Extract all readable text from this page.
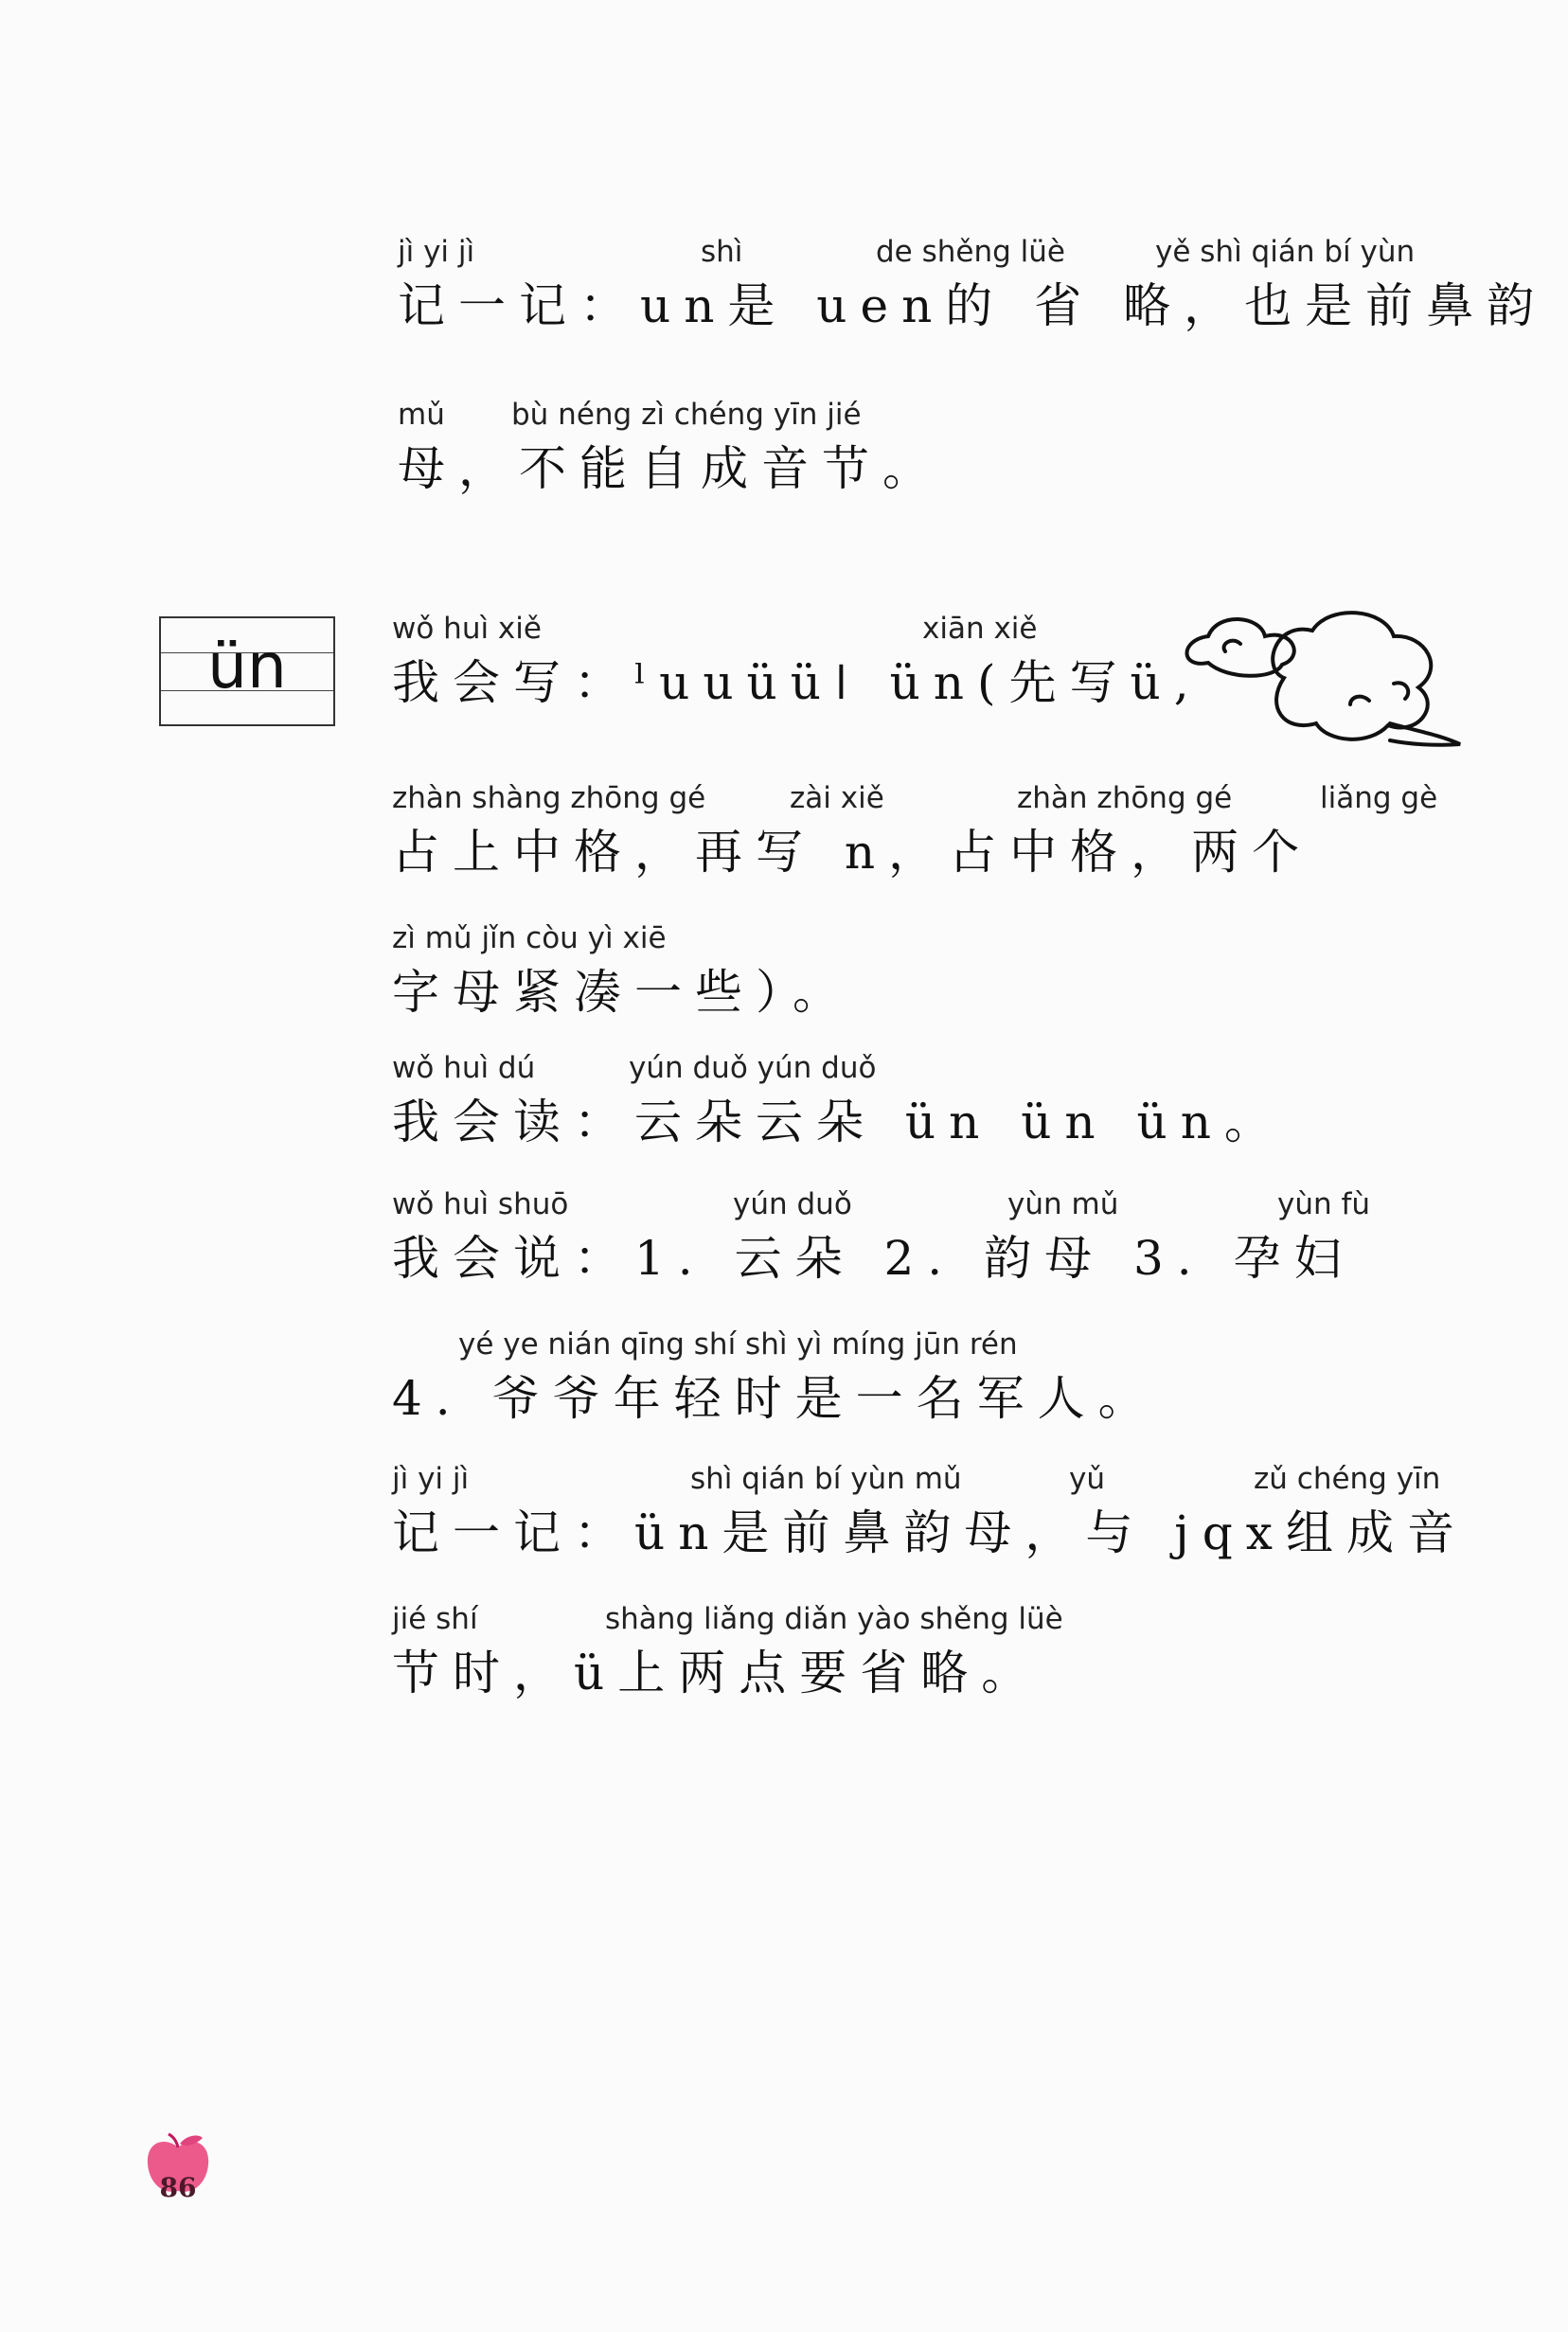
jì yi jì	shì	de shěng lüè	yě shì qián bí yùn
记一记：un是 uen的 省 略，也是前鼻韵
mǔ bù néng zì chéng yīn jié
母，不能自成音节。
ün
wǒ huì xiě	xiān xiě
我会写：ˡuuüüǀ ün(先写ü,
zhàn shàng zhōng gé	zài xiě	zhàn zhōng gé	liǎng gè
占上中格，再写 n，占中格，两个
zì mǔ jǐn còu yì xiē
字母紧凑一些）。
wǒ huì dú	yún duǒ yún duǒ
我会读：云朵云朵 ün ün ün。
wǒ huì shuō	yún duǒ	yùn mǔ	yùn fù
我会说：1. 云朵 2. 韵母 3. 孕妇
yé ye nián qīng shí shì yì míng jūn rén
4. 爷爷年轻时是一名军人。
jì yi jì	shì qián bí yùn mǔ	yǔ	zǔ chéng yīn
记一记：ün是前鼻韵母，与 jqx组成音
jié shí	shàng liǎng diǎn yào shěng lüè
节时，ü上两点要省略。
86
